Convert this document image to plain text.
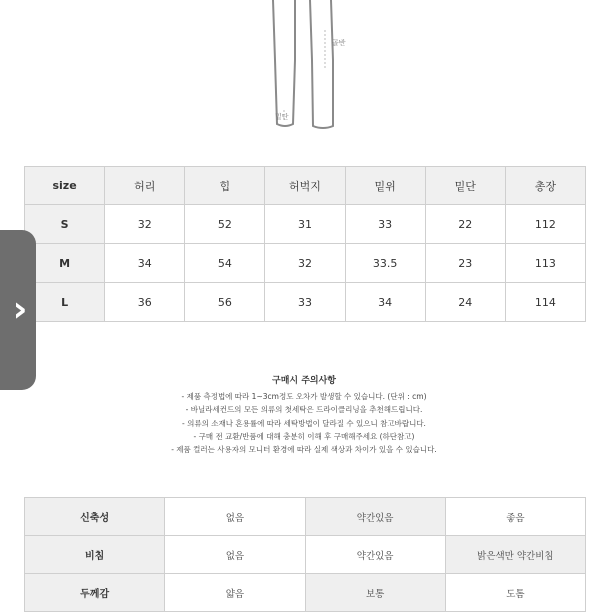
골반
밑단
size	허리	힙	허벅지	밑위	밑단	총장
S	32	52	31	33	22	112
M	34	54	32	33.5	23	113
L	36	56	33	34	24	114
›
구매시 주의사항
- 제품 측정법에 따라 1~3cm정도 오차가 발생할 수 있습니다. (단위 : cm)
- 바닐라세컨드의 모든 의류의 첫세탁은 드라이클리닝을 추천해드립니다.
- 의류의 소재나 혼용률에 따라 세탁방법이 달라질 수 있으니 참고바랍니다.
- 구매 전 교환/반품에 대해 충분히 이해 후 구매해주세요 (하단참고)
- 제품 컬러는 사용자의 모니터 환경에 따라 실제 색상과 차이가 있을 수 있습니다.
신축성	없음	약간있음	좋음
비침	없음	약간있음	밝은색만 약간비침
두께감	얇음	보통	도톰
